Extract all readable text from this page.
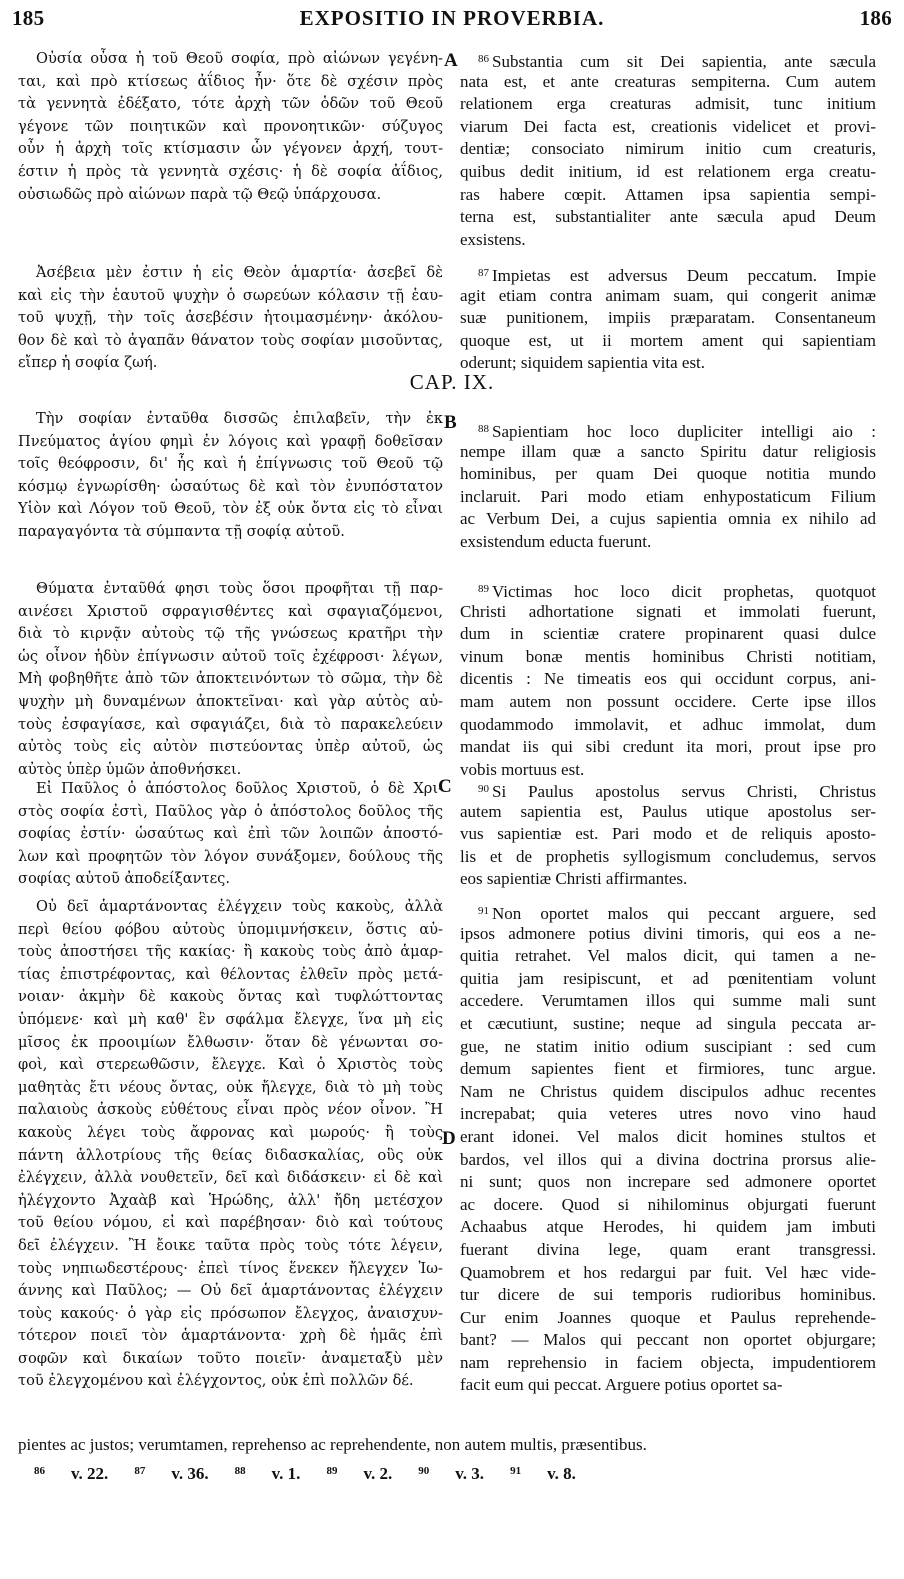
185	EXPOSITIO IN PROVERBIA.	186
A
B
C
D
CAP. IX.
Οὐσία οὖσα ἡ τοῦ Θεοῦ σοφία, πρὸ αἰώνων γεγένη-
ται, καὶ πρὸ κτίσεως ἀΐδιος ἦν· ὅτε δὲ σχέσιν πρὸς
τὰ γεννητὰ ἐδέξατο, τότε ἀρχὴ τῶν ὁδῶν τοῦ Θεοῦ
γέγονε τῶν ποιητικῶν καὶ προνοητικῶν· σύζυγος
οὖν ἡ ἀρχὴ τοῖς κτίσμασιν ὧν γέγονεν ἀρχή, τουτ-
έστιν ἡ πρὸς τὰ γεννητὰ σχέσις· ἡ δὲ σοφία ἀΐδιος,
οὐσιωδῶς πρὸ αἰώνων παρὰ τῷ Θεῷ ὑπάρχουσα.
Ἀσέβεια μὲν ἐστιν ἡ εἰς Θεὸν ἁμαρτία· ἀσεβεῖ δὲ
καὶ εἰς τὴν ἑαυτοῦ ψυχὴν ὁ σωρεύων κόλασιν τῇ ἑαυ-
τοῦ ψυχῇ, τὴν τοῖς ἀσεβέσιν ἡτοιμασμένην· ἀκόλου-
θον δὲ καὶ τὸ ἀγαπᾶν θάνατον τοὺς σοφίαν μισοῦντας,
εἴπερ ἡ σοφία ζωή.
Τὴν σοφίαν ἐνταῦθα δισσῶς ἐπιλαβεῖν, τὴν ἐκ
Πνεύματος ἁγίου φημὶ ἐν λόγοις καὶ γραφῇ δοθεῖσαν
τοῖς θεόφροσιν, δι' ἧς καὶ ἡ ἐπίγνωσις τοῦ Θεοῦ τῷ
κόσμῳ ἐγνωρίσθη· ὡσαύτως δὲ καὶ τὸν ἐνυπόστατον
Υἱὸν καὶ Λόγον τοῦ Θεοῦ, τὸν ἐξ οὐκ ὄντα εἰς τὸ εἶναι
παραγαγόντα τὰ σύμπαντα τῇ σοφίᾳ αὐτοῦ.
Θύματα ἐνταῦθά φησι τοὺς ὅσοι προφῆται τῇ παρ-
αινέσει Χριστοῦ σφραγισθέντες καὶ σφαγιαζόμενοι,
διὰ τὸ κιρνᾷν αὐτοὺς τῷ τῆς γνώσεως κρατῆρι τὴν
ὡς οἶνον ἡδὺν ἐπίγνωσιν αὐτοῦ τοῖς ἐχέφροσι· λέγων,
Μὴ φοβηθῆτε ἀπὸ τῶν ἀποκτεινόντων τὸ σῶμα, τὴν δὲ
ψυχὴν μὴ δυναμένων ἀποκτεῖναι· καὶ γὰρ αὐτὸς αὐ-
τοὺς ἐσφαγίασε, καὶ σφαγιάζει, διὰ τὸ παρακελεύειν
αὐτὸς τοὺς εἰς αὐτὸν πιστεύοντας ὑπὲρ αὐτοῦ, ὡς
αὐτὸς ὑπὲρ ὑμῶν ἀποθνήσκει.
Εἰ Παῦλος ὁ ἀπόστολος δοῦλος Χριστοῦ, ὁ δὲ Χρι-
στὸς σοφία ἐστὶ, Παῦλος γὰρ ὁ ἀπόστολος δοῦλος τῆς
σοφίας ἐστίν· ὡσαύτως καὶ ἐπὶ τῶν λοιπῶν ἀποστό-
λων καὶ προφητῶν τὸν λόγον συνάξομεν, δούλους τῆς
σοφίας αὐτοῦ ἀποδείξαντες.
Οὐ δεῖ ἁμαρτάνοντας ἐλέγχειν τοὺς κακοὺς, ἀλλὰ
περὶ θείου φόβου αὐτοὺς ὑπομιμνήσκειν, ὅστις αὐ-
τοὺς ἀποστήσει τῆς κακίας· ἢ κακοὺς τοὺς ἀπὸ ἁμαρ-
τίας ἐπιστρέφοντας, καὶ θέλοντας ἐλθεῖν πρὸς μετά-
νοιαν· ἀκμὴν δὲ κακοὺς ὄντας καὶ τυφλώττοντας
ὑπόμενε· καὶ μὴ καθ' ἓν σφάλμα ἔλεγχε, ἵνα μὴ εἰς
μῖσος ἐκ προοιμίων ἔλθωσιν· ὅταν δὲ γένωνται σο-
φοὶ, καὶ στερεωθῶσιν, ἔλεγχε. Καὶ ὁ Χριστὸς τοὺς
μαθητὰς ἔτι νέους ὄντας, οὐκ ἤλεγχε, διὰ τὸ μὴ τοὺς
παλαιοὺς ἀσκοὺς εὐθέτους εἶναι πρὸς νέον οἶνον. Ἢ
κακοὺς λέγει τοὺς ἄφρονας καὶ μωρούς· ἢ τοὺς
πάντη ἀλλοτρίους τῆς θείας διδασκαλίας, οὓς οὐκ
ἐλέγχειν, ἀλλὰ νουθετεῖν, δεῖ καὶ διδάσκειν· εἰ δὲ καὶ
ἠλέγχοντο Ἀχαὰβ καὶ Ἡρώδης, ἀλλ' ἤδη μετέσχον
τοῦ θείου νόμου, εἰ καὶ παρέβησαν· διὸ καὶ τούτους
δεῖ ἐλέγχειν. Ἢ ἔοικε ταῦτα πρὸς τοὺς τότε λέγειν,
τοὺς νηπιωδεστέρους· ἐπεὶ τίνος ἕνεκεν ἤλεγχεν Ἰω-
άννης καὶ Παῦλος; — Οὐ δεῖ ἁμαρτάνοντας ἐλέγχειν
τοὺς κακούς· ὁ γὰρ εἰς πρόσωπον ἔλεγχος, ἀναισχυν-
τότερον ποιεῖ τὸν ἁμαρτάνοντα· χρὴ δὲ ἡμᾶς ἐπὶ
σοφῶν καὶ δικαίων τοῦτο ποιεῖν· ἀναμεταξὺ μὲν
τοῦ ἐλεγχομένου καὶ ἐλέγχοντος, οὐκ ἐπὶ πολλῶν δέ.
$^{86}$ Substantia cum sit Dei sapientia, ante sæcula
nata est, et ante creaturas sempiterna. Cum autem
relationem erga creaturas admisit, tunc initium
viarum Dei facta est, creationis videlicet et provi-
dentiæ; consociato nimirum initio cum creaturis,
quibus dedit initium, id est relationem erga creatu-
ras habere cœpit. Attamen ipsa sapientia sempi-
terna est, substantialiter ante sæcula apud Deum
exsistens.
$^{87}$ Impietas est adversus Deum peccatum. Impie
agit etiam contra animam suam, qui congerit animæ
suæ punitionem, impiis præparatam. Consentaneum
quoque est, ut ii mortem ament qui sapientiam
oderunt; siquidem sapientia vita est.
$^{88}$ Sapientiam hoc loco dupliciter intelligi aio :
nempe illam quæ a sancto Spiritu datur religiosis
hominibus, per quam Dei quoque notitia mundo
inclaruit. Pari modo etiam enhypostaticum Filium
ac Verbum Dei, a cujus sapientia omnia ex nihilo ad
exsistendum educta fuerunt.
$^{89}$ Victimas hoc loco dicit prophetas, quotquot
Christi adhortatione signati et immolati fuerunt,
dum in scientiæ cratere propinarent quasi dulce
vinum bonæ mentis hominibus Christi notitiam,
dicentis : Ne timeatis eos qui occidunt corpus, ani-
mam autem non possunt occidere. Certe ipse illos
quodammodo immolavit, et adhuc immolat, dum
mandat iis qui sibi credunt ita mori, prout ipse pro
vobis mortuus est.
$^{90}$ Si Paulus apostolus servus Christi, Christus
autem sapientia est, Paulus utique apostolus ser-
vus sapientiæ est. Pari modo et de reliquis aposto-
lis et de prophetis syllogismum concludemus, servos
eos sapientiæ Christi affirmantes.
$^{91}$ Non oportet malos qui peccant arguere, sed
ipsos admonere potius divini timoris, qui eos a ne-
quitia retrahet. Vel malos dicit, qui tamen a ne-
quitia jam resipiscunt, et ad pœnitentiam volunt
accedere. Verumtamen illos qui summe mali sunt
et cæcutiunt, sustine; neque ad singula peccata ar-
gue, ne statim initio odium suscipiant : sed cum
demum sapientes fient et firmiores, tunc argue.
Nam ne Christus quidem discipulos adhuc recentes
increpabat; quia veteres utres novo vino haud
erant idonei. Vel malos dicit homines stultos et
bardos, vel illos qui a divina doctrina prorsus alie-
ni sunt; quos non increpare sed admonere oportet
ac docere. Quod si nihilominus objurgati fuerunt
Achaabus atque Herodes, hi quidem jam imbuti
fuerant divina lege, quam erant transgressi.
Quamobrem et hos redargui par fuit. Vel hæc vide-
tur dicere de sui temporis rudioribus hominibus.
Cur enim Joannes quoque et Paulus reprehende-
bant? — Malos qui peccant non oportet objurgare;
nam reprehensio in faciem objecta, impudentiorem
facit eum qui peccat. Arguere potius oportet sa-
pientes ac justos; verumtamen, reprehenso ac reprehendente, non autem multis, præsentibus.
$^{86}$ v. 22. $^{87}$ v. 36. $^{88}$ v. 1. $^{89}$ v. 2. $^{90}$ v. 3. $^{91}$ v. 8.
